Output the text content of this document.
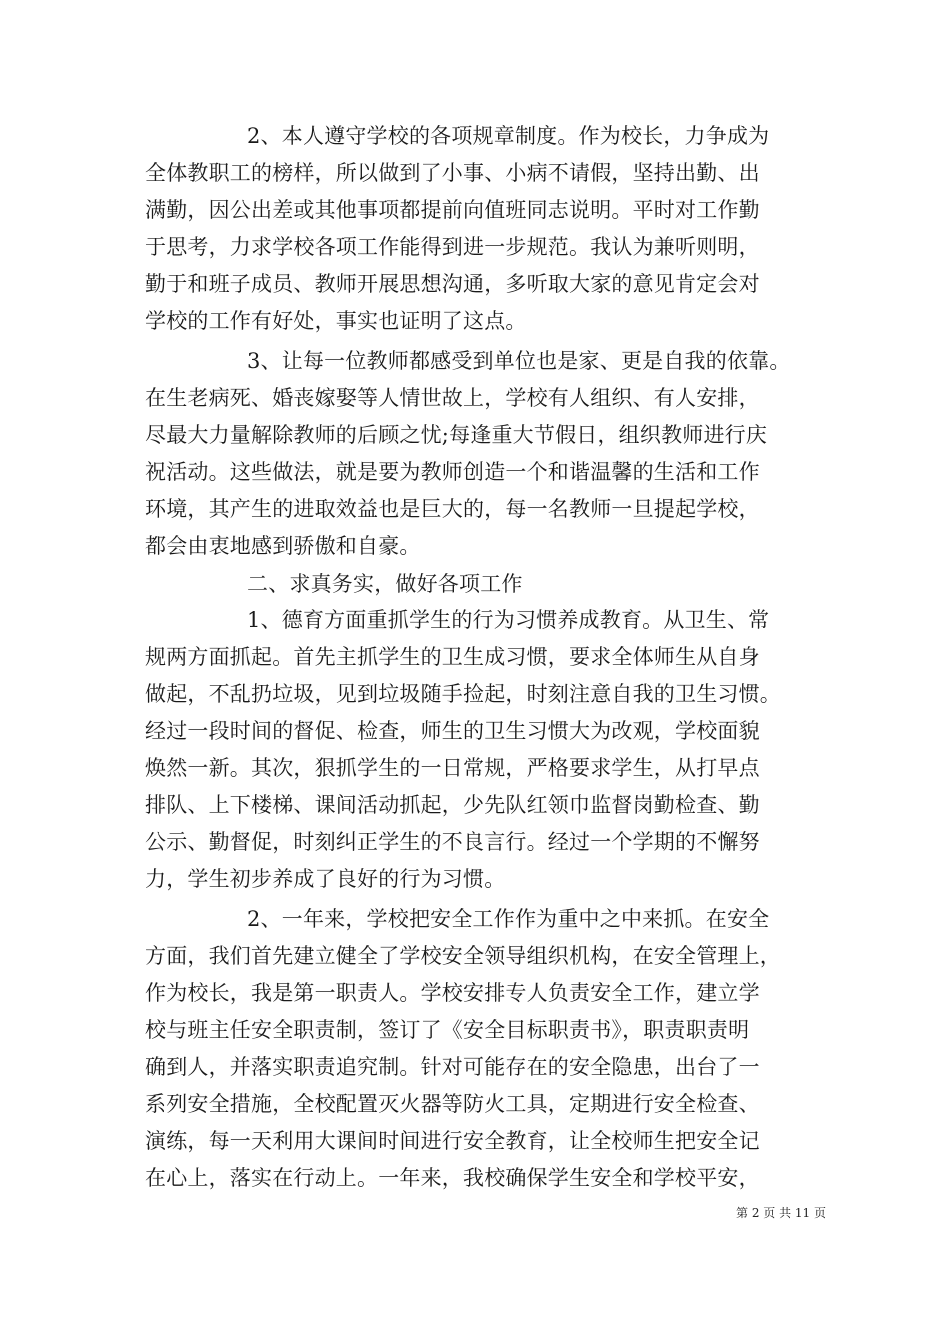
2、本人遵守学校的各项规章制度。作为校长，力争成为
全体教职工的榜样，所以做到了小事、小病不请假，坚持出勤、出
满勤，因公出差或其他事项都提前向值班同志说明。平时对工作勤
于思考，力求学校各项工作能得到进一步规范。我认为兼听则明，
勤于和班子成员、教师开展思想沟通，多听取大家的意见肯定会对
学校的工作有好处，事实也证明了这点。
3、让每一位教师都感受到单位也是家、更是自我的依靠。
在生老病死、婚丧嫁娶等人情世故上，学校有人组织、有人安排，
尽最大力量解除教师的后顾之忧;每逢重大节假日，组织教师进行庆
祝活动。这些做法，就是要为教师创造一个和谐温馨的生活和工作
环境，其产生的进取效益也是巨大的，每一名教师一旦提起学校，
都会由衷地感到骄傲和自豪。
二、求真务实，做好各项工作
1、德育方面重抓学生的行为习惯养成教育。从卫生、常
规两方面抓起。首先主抓学生的卫生成习惯，要求全体师生从自身
做起，不乱扔垃圾，见到垃圾随手捡起，时刻注意自我的卫生习惯。
经过一段时间的督促、检查，师生的卫生习惯大为改观，学校面貌
焕然一新。其次，狠抓学生的一日常规，严格要求学生，从打早点
排队、上下楼梯、课间活动抓起，少先队红领巾监督岗勤检查、勤
公示、勤督促，时刻纠正学生的不良言行。经过一个学期的不懈努
力，学生初步养成了良好的行为习惯。
2、一年来，学校把安全工作作为重中之中来抓。在安全
方面，我们首先建立健全了学校安全领导组织机构，在安全管理上，
作为校长，我是第一职责人。学校安排专人负责安全工作，建立学
校与班主任安全职责制，签订了《安全目标职责书》，职责职责明
确到人，并落实职责追究制。针对可能存在的安全隐患，出台了一
系列安全措施，全校配置灭火器等防火工具，定期进行安全检查、
演练，每一天利用大课间时间进行安全教育，让全校师生把安全记
在心上，落实在行动上。一年来，我校确保学生安全和学校平安，
第 2 页 共 11 页
